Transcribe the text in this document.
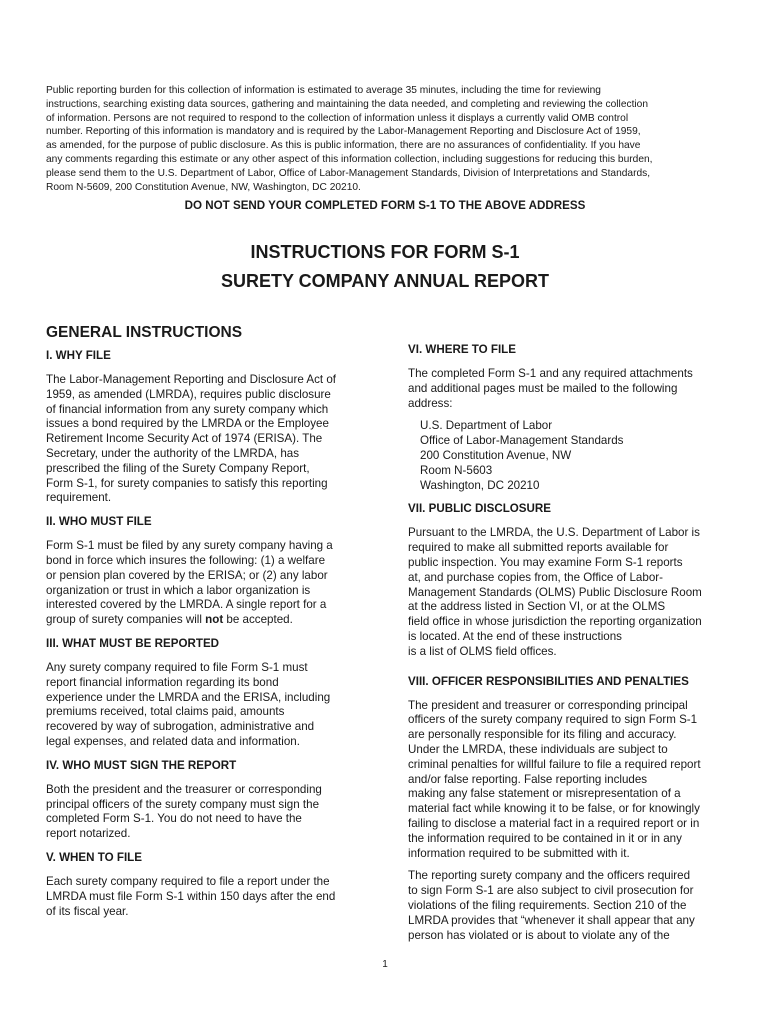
Public reporting burden for this collection of information is estimated to average 35 minutes, including the time for reviewing
instructions, searching existing data sources, gathering and maintaining the data needed, and completing and reviewing the collection
of information. Persons are not required to respond to the collection of information unless it displays a currently valid OMB control
number. Reporting of this information is mandatory and is required by the Labor-Management Reporting and Disclosure Act of 1959,
as amended, for the purpose of public disclosure. As this is public information, there are no assurances of confidentiality. If you have
any comments regarding this estimate or any other aspect of this information collection, including suggestions for reducing this burden,
please send them to the U.S. Department of Labor, Office of Labor-Management Standards, Division of Interpretations and Standards,
Room N-5609, 200 Constitution Avenue, NW, Washington, DC 20210.

DO NOT SEND YOUR COMPLETED FORM S-1 TO THE ABOVE ADDRESS

INSTRUCTIONS FOR FORM S-1
SURETY COMPANY ANNUAL REPORT
GENERAL INSTRUCTIONS
I. WHY FILE

The Labor-Management Reporting and Disclosure Act of
1959, as amended (LMRDA), requires public disclosure
of financial information from any surety company which
issues a bond required by the LMRDA or the Employee
Retirement Income Security Act of 1974 (ERISA). The
Secretary, under the authority of the LMRDA, has
prescribed the filing of the Surety Company Report,
Form S-1, for surety companies to satisfy this reporting
requirement.

II. WHO MUST FILE

Form S-1 must be filed by any surety company having a
bond in force which insures the following: (1) a welfare
or pension plan covered by the ERISA; or (2) any labor
organization or trust in which a labor organization is
interested covered by the LMRDA. A single report for a
group of surety companies will not be accepted.

III. WHAT MUST BE REPORTED

Any surety company required to file Form S-1 must
report financial information regarding its bond
experience under the LMRDA and the ERISA, including
premiums received, total claims paid, amounts
recovered by way of subrogation, administrative and
legal expenses, and related data and information.

IV. WHO MUST SIGN THE REPORT

Both the president and the treasurer or corresponding
principal officers of the surety company must sign the
completed Form S-1. You do not need to have the
report notarized.

V. WHEN TO FILE

Each surety company required to file a report under the
LMRDA must file Form S-1 within 150 days after the end
of its fiscal year.

VI. WHERE TO FILE

The completed Form S-1 and any required attachments
and additional pages must be mailed to the following
address:

U.S. Department of Labor
Office of Labor-Management Standards
200 Constitution Avenue, NW
Room N-5603
Washington, DC 20210
VII. PUBLIC DISCLOSURE

Pursuant to the LMRDA, the U.S. Department of Labor is
required to make all submitted reports available for
public inspection. You may examine Form S-1 reports
at, and purchase copies from, the Office of Labor-
Management Standards (OLMS) Public Disclosure Room
at the address listed in Section VI, or at the OLMS
field office in whose jurisdiction the reporting organization
is located. At the end of these instructions
is a list of OLMS field offices.

VIII. OFFICER RESPONSIBILITIES AND PENALTIES

The president and treasurer or corresponding principal
officers of the surety company required to sign Form S-1
are personally responsible for its filing and accuracy.
Under the LMRDA, these individuals are subject to
criminal penalties for willful failure to file a required report
and/or false reporting. False reporting includes
making any false statement or misrepresentation of a
material fact while knowing it to be false, or for knowingly
failing to disclose a material fact in a required report or in
the information required to be contained in it or in any
information required to be submitted with it.

The reporting surety company and the officers required
to sign Form S-1 are also subject to civil prosecution for
violations of the filing requirements. Section 210 of the
LMRDA provides that “whenever it shall appear that any
person has violated or is about to violate any of the

1
